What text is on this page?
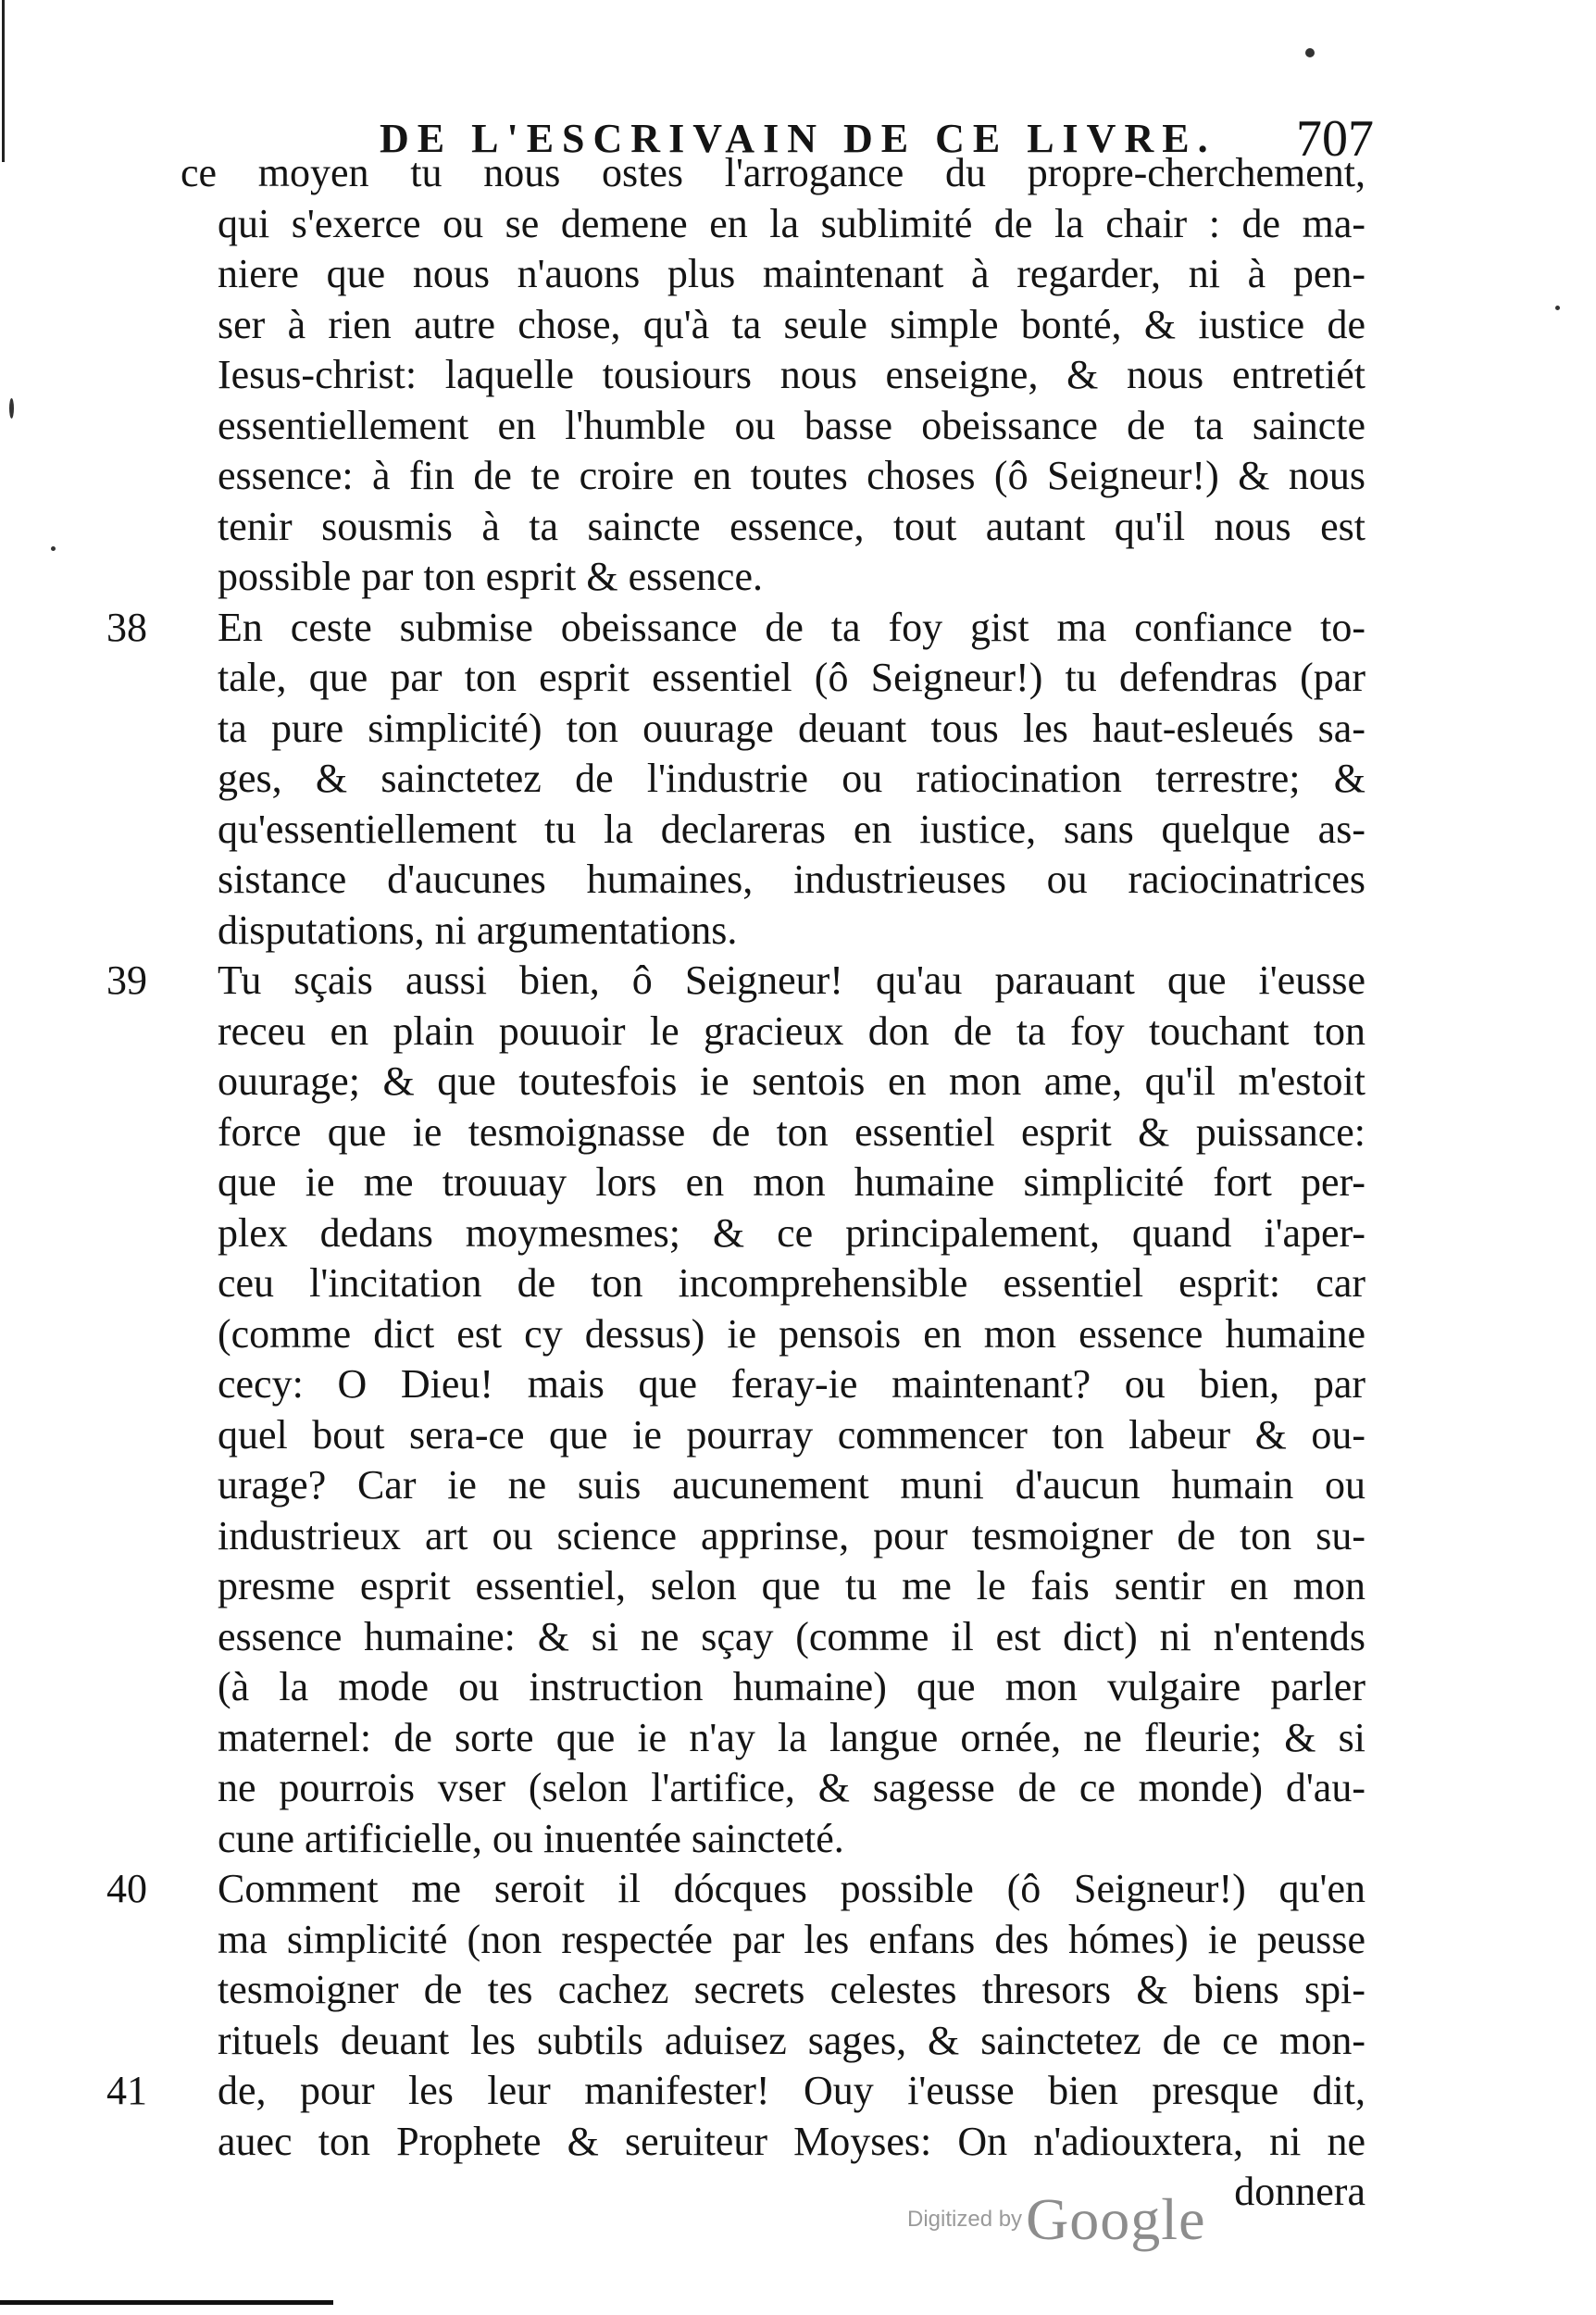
DE L'ESCRIVAIN DE CE LIVRE. 707
ce moyen tu nous ostes l'arrogance du propre-cherchement,
qui s'exerce ou se demene en la sublimité de la chair : de ma-
niere que nous n'auons plus maintenant à regarder, ni à pen-
ser à rien autre chose, qu'à ta seule simple bonté, & iustice de
Iesus-christ: laquelle tousiours nous enseigne, & nous entretiét
essentiellement en l'humble ou basse obeissance de ta saincte
essence: à fin de te croire en toutes choses (ô Seigneur!) & nous
tenir sousmis à ta saincte essence, tout autant qu'il nous est
possible par ton esprit & essence.
38	En ceste submise obeissance de ta foy gist ma confiance to-
tale, que par ton esprit essentiel (ô Seigneur!) tu defendras (par
ta pure simplicité) ton ouurage deuant tous les haut-esleués sa-
ges, & sainctetez de l'industrie ou ratiocination terrestre; &
qu'essentiellement tu la declareras en iustice, sans quelque as-
sistance d'aucunes humaines, industrieuses ou raciocinatrices
disputations, ni argumentations.
39	Tu sçais aussi bien, ô Seigneur! qu'au parauant que i'eusse
receu en plain pouuoir le gracieux don de ta foy touchant ton
ouurage; & que toutesfois ie sentois en mon ame, qu'il m'estoit
force que ie tesmoignasse de ton essentiel esprit & puissance:
que ie me trouuay lors en mon humaine simplicité fort per-
plex dedans moymesmes; & ce principalement, quand i'aper-
ceu l'incitation de ton incomprehensible essentiel esprit: car
(comme dict est cy dessus) ie pensois en mon essence humaine
cecy: O Dieu! mais que feray-ie maintenant? ou bien, par
quel bout sera-ce que ie pourray commencer ton labeur & ou-
urage? Car ie ne suis aucunement muni d'aucun humain ou
industrieux art ou science apprinse, pour tesmoigner de ton su-
presme esprit essentiel, selon que tu me le fais sentir en mon
essence humaine: & si ne sçay (comme il est dict) ni n'entends
(à la mode ou instruction humaine) que mon vulgaire parler
maternel: de sorte que ie n'ay la langue ornée, ne fleurie; & si
ne pourrois vser (selon l'artifice, & sagesse de ce monde) d'au-
cune artificielle, ou inuentée saincteté.
40	Comment me seroit il dócques possible (ô Seigneur!) qu'en
ma simplicité (non respectée par les enfans des hómes) ie peusse
tesmoigner de tes cachez secrets celestes thresors & biens spi-
rituels deuant les subtils aduisez sages, & sainctetez de ce mon-
41	de, pour les leur manifester! Ouy i'eusse bien presque dit,
auec ton Prophete & seruiteur Moyses: On n'adiouxtera, ni ne
donnera
Digitized by Google
